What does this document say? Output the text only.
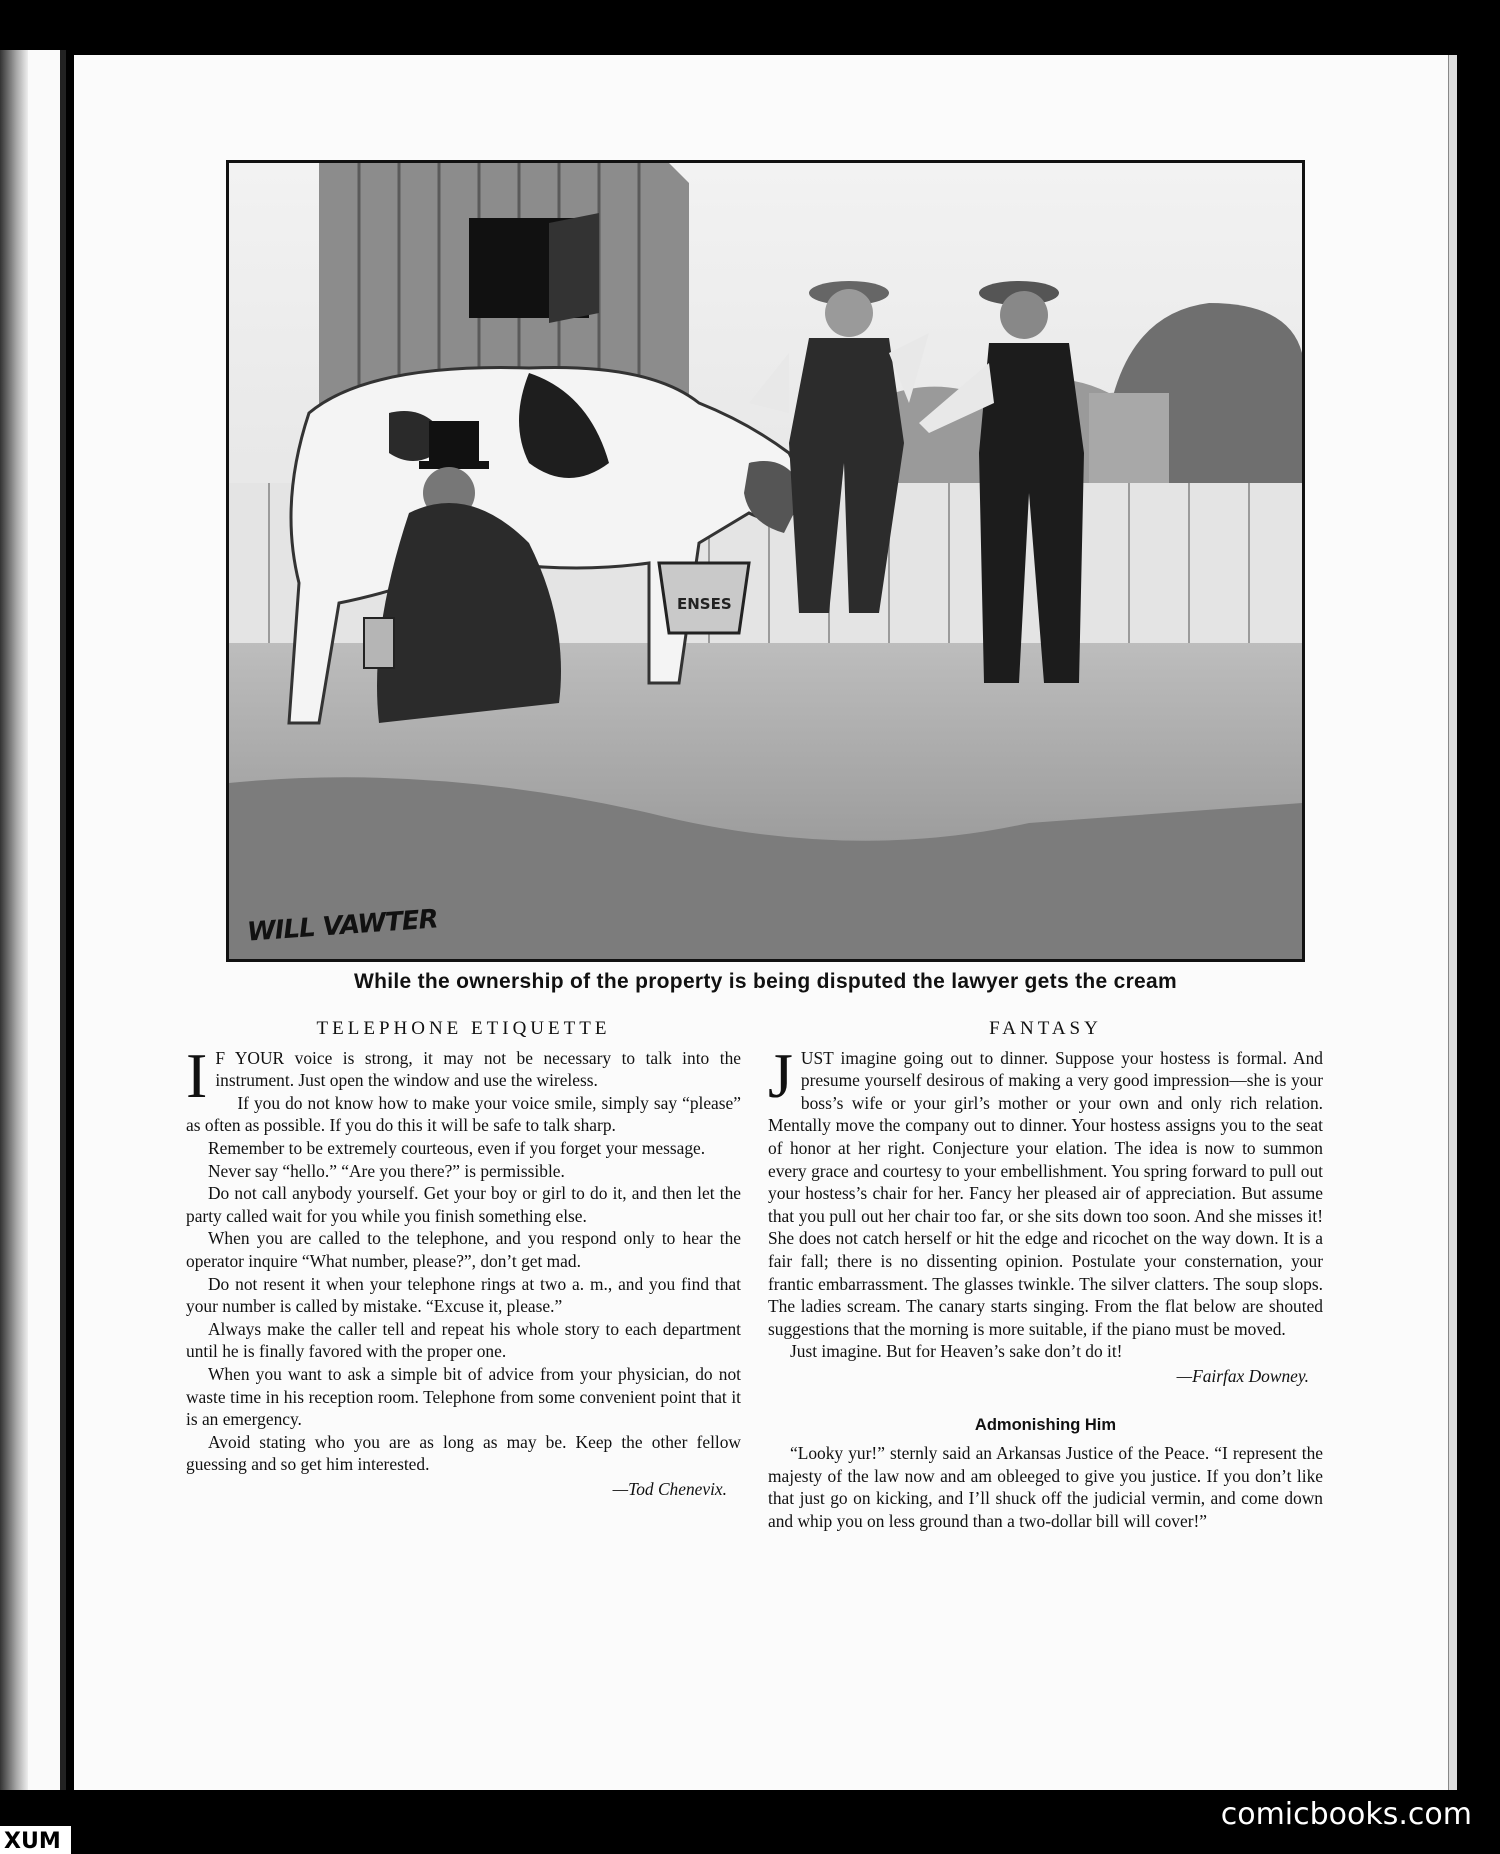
ENSES
WILL VAWTER
While the ownership of the property is being disputed the lawyer gets the cream
TELEPHONE ETIQUETTE

I F YOUR voice is strong, it may not be necessary to talk into the instrument. Just open the window and use the wireless.

If you do not know how to make your voice smile, simply say “please” as often as possible. If you do this it will be safe to talk sharp.

Remember to be extremely courteous, even if you forget your message.

Never say “hello.” “Are you there?” is permissible.

Do not call anybody yourself. Get your boy or girl to do it, and then let the party called wait for you while you finish something else.

When you are called to the telephone, and you respond only to hear the operator inquire “What number, please?”, don’t get mad.

Do not resent it when your telephone rings at two a. m., and you find that your number is called by mistake. “Excuse it, please.”

Always make the caller tell and repeat his whole story to each department until he is finally favored with the proper one.

When you want to ask a simple bit of advice from your physician, do not waste time in his reception room. Telephone from some convenient point that it is an emergency.

Avoid stating who you are as long as may be. Keep the other fellow guessing and so get him interested.

—Tod Chenevix.

FANTASY

JUST imagine going out to dinner. Suppose your hostess is formal. And presume yourself desirous of making a very good impression—she is your boss’s wife or your girl’s mother or your own and only rich relation. Mentally move the company out to dinner. Your hostess assigns you to the seat of honor at her right. Conjecture your elation. The idea is now to summon every grace and courtesy to your embellishment. You spring forward to pull out your hostess’s chair for her. Fancy her pleased air of appreciation. But assume that you pull out her chair too far, or she sits down too soon. And she misses it! She does not catch herself or hit the edge and ricochet on the way down. It is a fair fall; there is no dissenting opinion. Postulate your consternation, your frantic embarrassment. The glasses twinkle. The silver clatters. The soup slops. The ladies scream. The canary starts singing. From the flat below are shouted suggestions that the morning is more suitable, if the piano must be moved.

Just imagine. But for Heaven’s sake don’t do it!

—Fairfax Downey.

Admonishing Him

“Looky yur!” sternly said an Arkansas Justice of the Peace. “I represent the majesty of the law now and am obleeged to give you justice. If you don’t like that just go on kicking, and I’ll shuck off the judicial vermin, and come down and whip you on less ground than a two-dollar bill will cover!”

comicbooks.com
XUM
